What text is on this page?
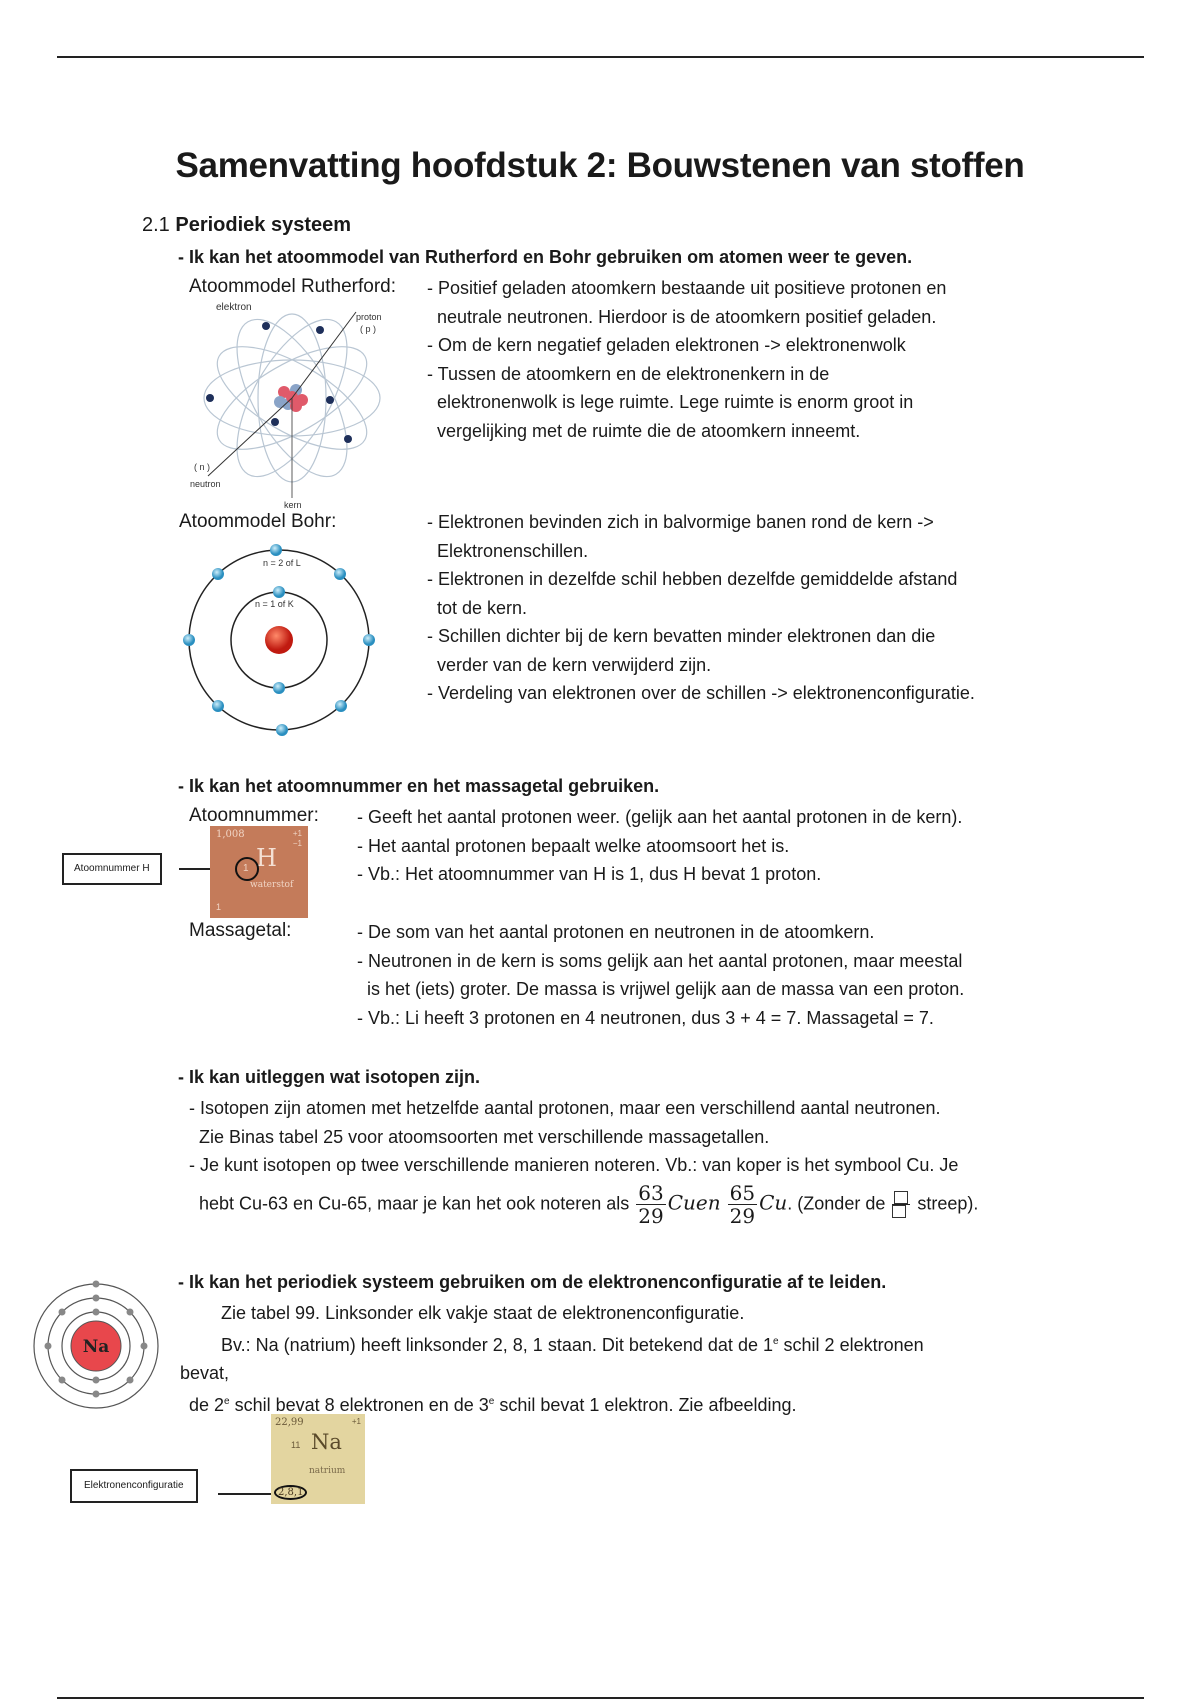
Samenvatting hoofdstuk 2: Bouwstenen van stoffen
2.1 Periodiek systeem
- Ik kan het atoommodel van Rutherford en Bohr gebruiken om atomen weer te geven.
Atoommodel Rutherford: - Positief geladen atoomkern bestaande uit positieve protonen en
neutrale neutronen. Hierdoor is de atoomkern positief geladen.
- Om de kern negatief geladen elektronen -> elektronenwolk
- Tussen de atoomkern en de elektronenkern in de
elektronenwolk is lege ruimte. Lege ruimte is enorm groot in
vergelijking met de ruimte die de atoomkern inneemt.
elektron
proton
( p )
( n )
neutron
kern
Atoommodel Bohr:	- Elektronen bevinden zich in balvormige banen rond de kern ->
Elektronenschillen.
- Elektronen in dezelfde schil hebben dezelfde gemiddelde afstand
tot de kern.
- Schillen dichter bij de kern bevatten minder elektronen dan die
verder van de kern verwijderd zijn.
- Verdeling van elektronen over de schillen -> elektronenconfiguratie.
n = 2 of L
n = 1 of K
- Ik kan het atoomnummer en het massagetal gebruiken.
Atoomnummer: - Geeft het aantal protonen weer. (gelijk aan het aantal protonen in de kern).
- Het aantal protonen bepaalt welke atoomsoort het is.
- Vb.: Het atoomnummer van H is 1, dus H bevat 1 proton.
Atoomnummer H
1,008	+1
−1
H
1
waterstof
1
Massagetal:	- De som van het aantal protonen en neutronen in de atoomkern.
- Neutronen in de kern is soms gelijk aan het aantal protonen, maar meestal
is het (iets) groter. De massa is vrijwel gelijk aan de massa van een proton.
- Vb.: Li heeft 3 protonen en 4 neutronen, dus 3 + 4 = 7. Massagetal = 7.
- Ik kan uitleggen wat isotopen zijn.
- Isotopen zijn atomen met hetzelfde aantal protonen, maar een verschillend aantal neutronen.
Zie Binas tabel 25 voor atoomsoorten met verschillende massagetallen.
- Je kunt isotopen op twee verschillende manieren noteren. Vb.: van koper is het symbool Cu. Je
hebt Cu-63 en Cu-65, maar je kan het ook noteren als $\frac{63}{29}$ Cuen $\frac{65}{29} Cu$. (Zonder de streep).
- Ik kan het periodiek systeem gebruiken om de elektronenconfiguratie af te leiden.
Zie tabel 99. Linksonder elk vakje staat de elektronenconfiguratie.
Bv.: Na (natrium) heeft linksonder 2, 8, 1 staan. Dit betekend dat de 1e schil 2 elektronen
bevat,
de 2e schil bevat 8 elektronen en de 3e schil bevat 1 elektron. Zie afbeelding.
Na
Elektronenconfiguratie
22,99	+1
11 Na
natrium
2,8,1
